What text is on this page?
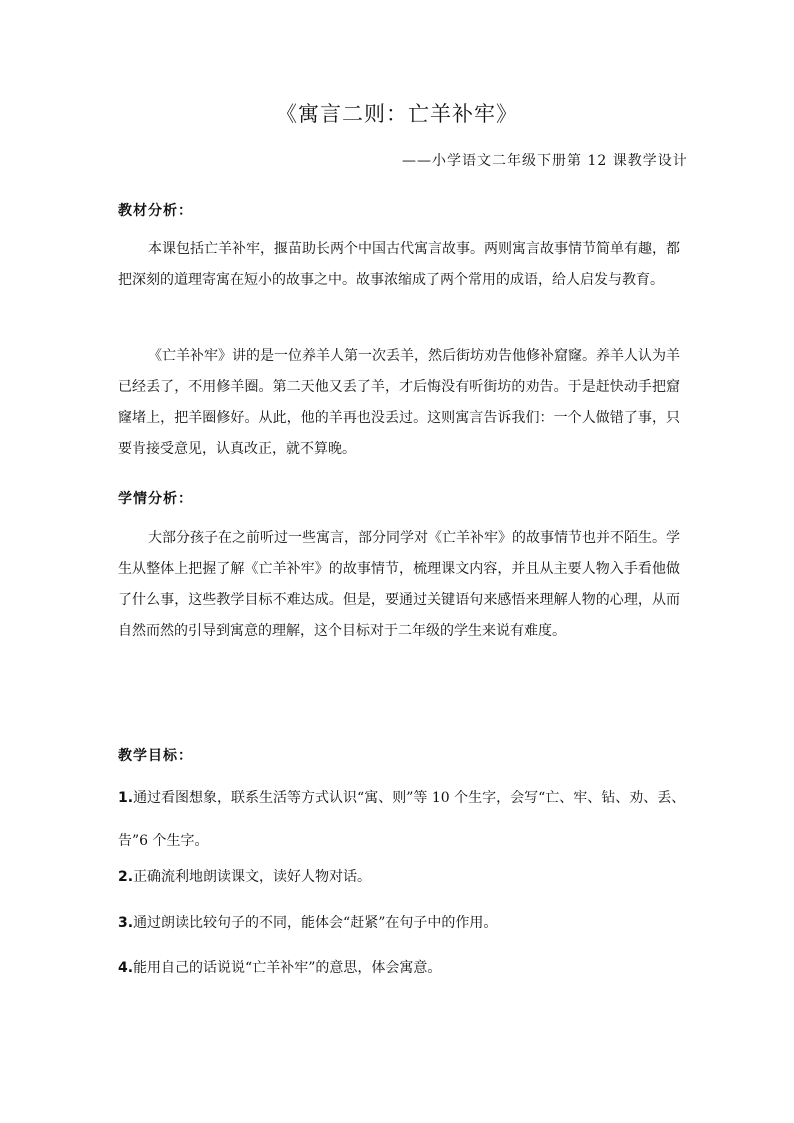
《寓言二则：亡羊补牢》
——小学语文二年级下册第 12 课教学设计
教材分析：

本课包括亡羊补牢，揠苗助长两个中国古代寓言故事。两则寓言故事情节简单有趣，都把深刻的道理寄寓在短小的故事之中。故事浓缩成了两个常用的成语，给人启发与教育。

《亡羊补牢》讲的是一位养羊人第一次丢羊，然后街坊劝告他修补窟窿。养羊人认为羊已经丢了，不用修羊圈。第二天他又丢了羊，才后悔没有听街坊的劝告。于是赶快动手把窟窿堵上，把羊圈修好。从此，他的羊再也没丢过。这则寓言告诉我们：一个人做错了事，只要肯接受意见，认真改正，就不算晚。

学情分析：

大部分孩子在之前听过一些寓言，部分同学对《亡羊补牢》的故事情节也并不陌生。学生从整体上把握了解《亡羊补牢》的故事情节，梳理课文内容，并且从主要人物入手看他做了什么事，这些教学目标不难达成。但是，要通过关键语句来感悟来理解人物的心理，从而自然而然的引导到寓意的理解，这个目标对于二年级的学生来说有难度。

教学目标：

1.通过看图想象，联系生活等方式认识“寓、则”等 10 个生字，会写“亡、牢、钻、劝、丢、告”6 个生字。

2.正确流利地朗读课文，读好人物对话。

3.通过朗读比较句子的不同，能体会“赶紧”在句子中的作用。

4.能用自己的话说说“亡羊补牢”的意思，体会寓意。
